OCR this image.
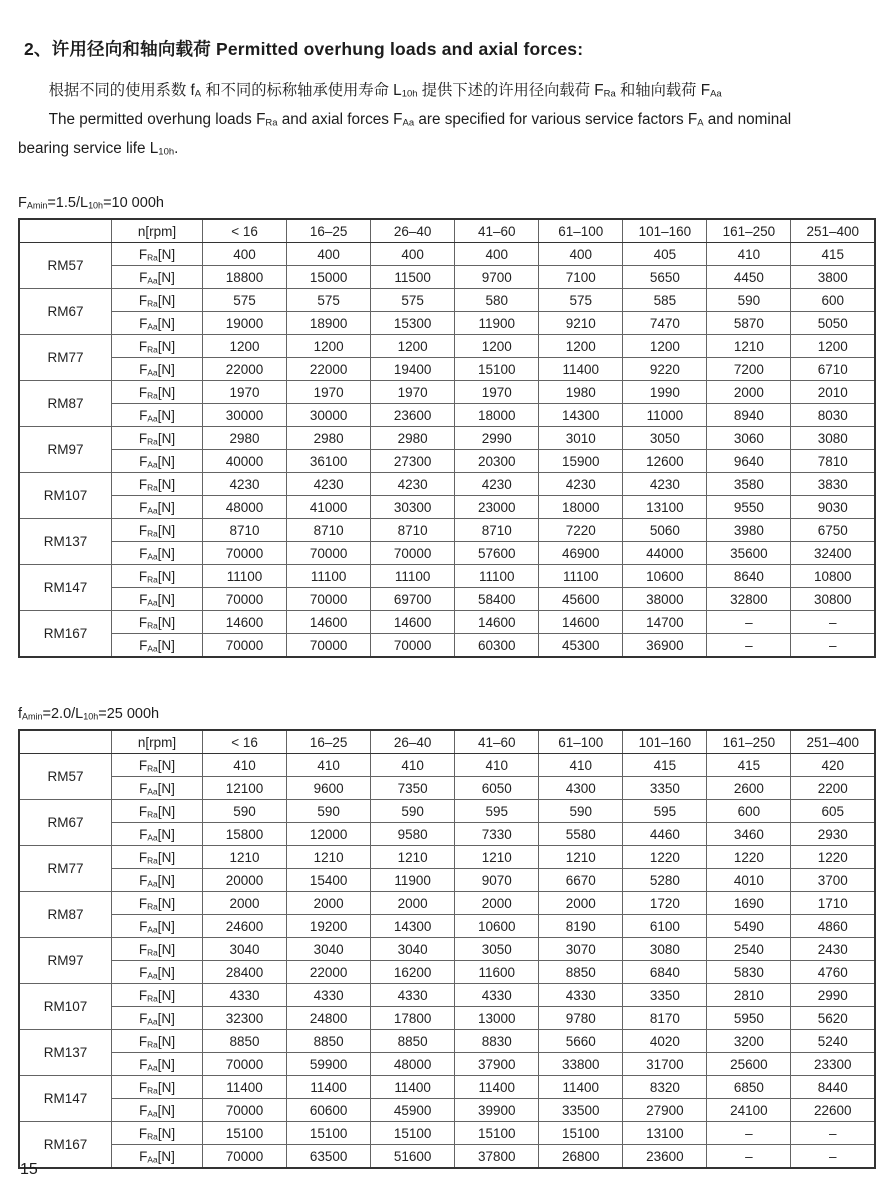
2、许用径向和轴向载荷 Permitted overhung loads and axial forces:

根据不同的使用系数 $f_A$ 和不同的标称轴承使用寿命 $L_{10h}$ 提供下述的许用径向载荷 $F_{Ra}$ 和轴向载荷 $F_{Aa}$

The permitted overhung loads $F_{Ra}$ and axial forces $F_{Aa}$ are specified for various service factors $F_A$ and nominal

bearing service life $L_{10h}$.

$F_{Amin}=1.5/L_{10h}=10$ 000h

	n[rpm]	< 16	16–25	26–40	41–60	61–100	101–160	161–250	251–400
RM57	$F_{Ra}[N]$	400	400	400	400	400	405	410	415
	$F_{Aa}[N]$	18800	15000	11500	9700	7100	5650	4450	3800
RM67	$F_{Ra}[N]$	575	575	575	580	575	585	590	600
	$F_{Aa}[N]$	19000	18900	15300	11900	9210	7470	5870	5050
RM77	$F_{Ra}[N]$	1200	1200	1200	1200	1200	1200	1210	1200
	$F_{Aa}[N]$	22000	22000	19400	15100	11400	9220	7200	6710
RM87	$F_{Ra}[N]$	1970	1970	1970	1970	1980	1990	2000	2010
	$F_{Aa}[N]$	30000	30000	23600	18000	14300	11000	8940	8030
RM97	$F_{Ra}[N]$	2980	2980	2980	2990	3010	3050	3060	3080
	$F_{Aa}[N]$	40000	36100	27300	20300	15900	12600	9640	7810
RM107	$F_{Ra}[N]$	4230	4230	4230	4230	4230	4230	3580	3830
	$F_{Aa}[N]$	48000	41000	30300	23000	18000	13100	9550	9030
RM137	$F_{Ra}[N]$	8710	8710	8710	8710	7220	5060	3980	6750
	$F_{Aa}[N]$	70000	70000	70000	57600	46900	44000	35600	32400
RM147	$F_{Ra}[N]$	11100	11100	11100	11100	11100	10600	8640	10800
	$F_{Aa}[N]$	70000	70000	69700	58400	45600	38000	32800	30800
RM167	$F_{Ra}[N]$	14600	14600	14600	14600	14600	14700	–	–
	$F_{Aa}[N]$	70000	70000	70000	60300	45300	36900	–	–

$f_{Amin}=2.0/L_{10h}=25$ 000h

	n[rpm]	< 16	16–25	26–40	41–60	61–100	101–160	161–250	251–400
RM57	$F_{Ra}[N]$	410	410	410	410	410	415	415	420
	$F_{Aa}[N]$	12100	9600	7350	6050	4300	3350	2600	2200
RM67	$F_{Ra}[N]$	590	590	590	595	590	595	600	605
	$F_{Aa}[N]$	15800	12000	9580	7330	5580	4460	3460	2930
RM77	$F_{Ra}[N]$	1210	1210	1210	1210	1210	1220	1220	1220
	$F_{Aa}[N]$	20000	15400	11900	9070	6670	5280	4010	3700
RM87	$F_{Ra}[N]$	2000	2000	2000	2000	2000	1720	1690	1710
	$F_{Aa}[N]$	24600	19200	14300	10600	8190	6100	5490	4860
RM97	$F_{Ra}[N]$	3040	3040	3040	3050	3070	3080	2540	2430
	$F_{Aa}[N]$	28400	22000	16200	11600	8850	6840	5830	4760
RM107	$F_{Ra}[N]$	4330	4330	4330	4330	4330	3350	2810	2990
	$F_{Aa}[N]$	32300	24800	17800	13000	9780	8170	5950	5620
RM137	$F_{Ra}[N]$	8850	8850	8850	8830	5660	4020	3200	5240
	$F_{Aa}[N]$	70000	59900	48000	37900	33800	31700	25600	23300
RM147	$F_{Ra}[N]$	11400	11400	11400	11400	11400	8320	6850	8440
	$F_{Aa}[N]$	70000	60600	45900	39900	33500	27900	24100	22600
RM167	$F_{Ra}[N]$	15100	15100	15100	15100	15100	13100	–	–
	$F_{Aa}[N]$	70000	63500	51600	37800	26800	23600	–	–
15
